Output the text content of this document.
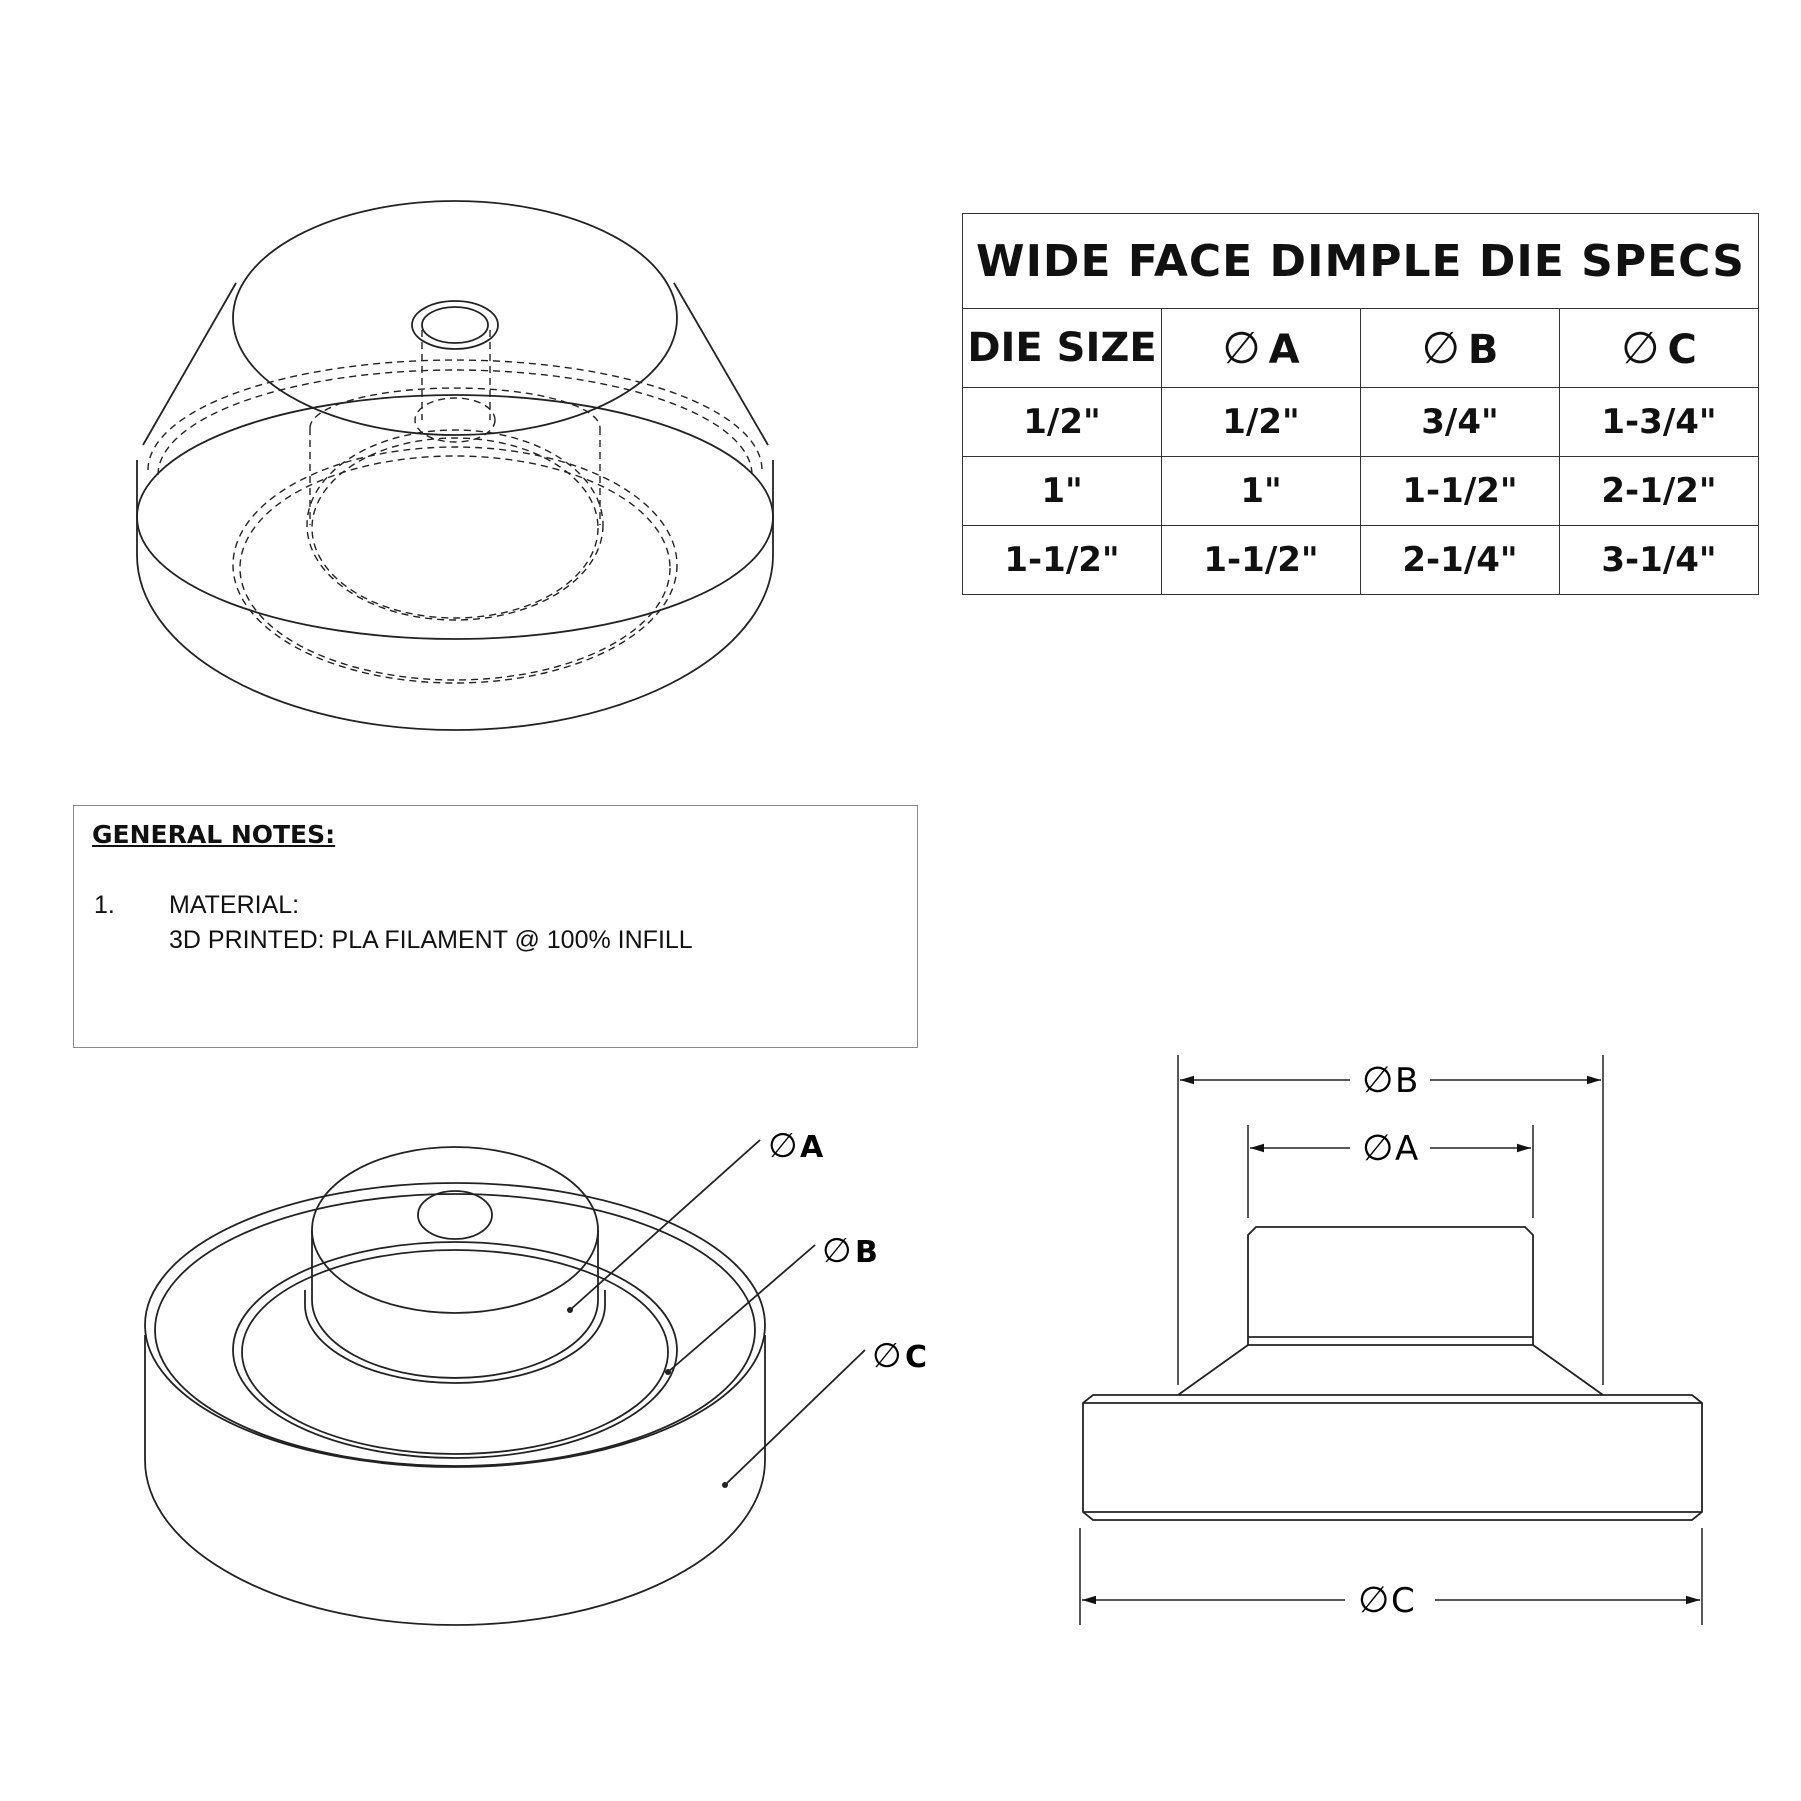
∅ A
∅ B
∅ C
∅ B
∅ A
∅ C
WIDE FACE DIMPLE DIE SPECS			
DIE SIZE	∅ A	∅ B	∅ C
1/2"	1/2"	3/4"	1-3/4"
1"	1"	1-1/2"	2-1/2"
1-1/2"	1-1/2"	2-1/4"	3-1/4"
GENERAL NOTES:
1. MATERIAL:
3D PRINTED: PLA FILAMENT @ 100% INFILL
